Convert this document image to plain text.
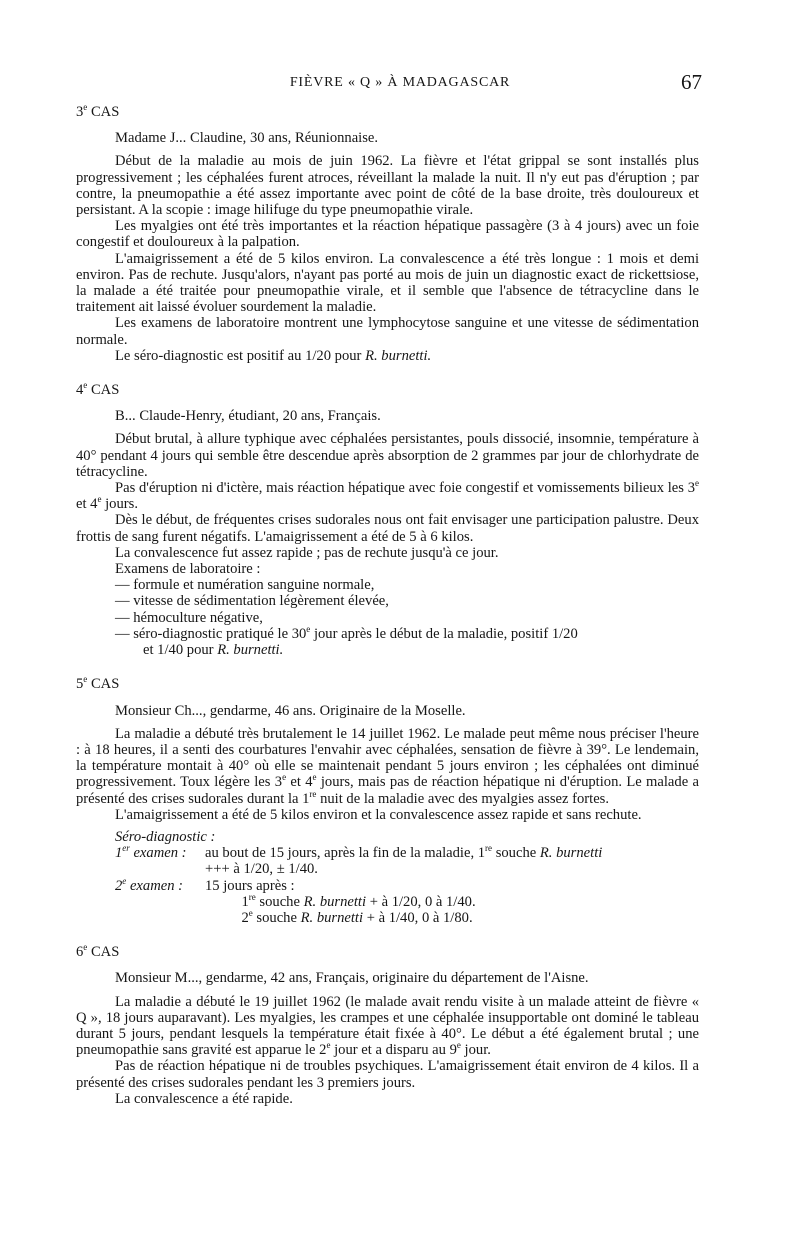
FIÈVRE « Q » À MADAGASCAR	67
3e CAS

Madame J... Claudine, 30 ans, Réunionnaise.

Début de la maladie au mois de juin 1962. La fièvre et l'état grippal se sont installés plus progressivement ; les céphalées furent atroces, réveillant la malade la nuit. Il n'y eut pas d'éruption ; par contre, la pneumopathie a été assez importante avec point de côté de la base droite, très douloureux et persistant. A la scopie : image hilifuge du type pneumopathie virale.

Les myalgies ont été très importantes et la réaction hépatique passagère (3 à 4 jours) avec un foie congestif et douloureux à la palpation.

L'amaigrissement a été de 5 kilos environ. La convalescence a été très longue : 1 mois et demi environ. Pas de rechute. Jusqu'alors, n'ayant pas porté au mois de juin un diagnostic exact de rickettsiose, la malade a été traitée pour pneumopathie virale, et il semble que l'absence de tétracycline dans le traitement ait laissé évoluer sourdement la maladie.

Les examens de laboratoire montrent une lymphocytose sanguine et une vitesse de sédimentation normale.

Le séro-diagnostic est positif au 1/20 pour R. burnetti.

4e CAS

B... Claude-Henry, étudiant, 20 ans, Français.

Début brutal, à allure typhique avec céphalées persistantes, pouls dissocié, insomnie, température à 40° pendant 4 jours qui semble être descendue après absorption de 2 grammes par jour de chlorhydrate de tétracycline.

Pas d'éruption ni d'ictère, mais réaction hépatique avec foie congestif et vomissements bilieux les 3e et 4e jours.

Dès le début, de fréquentes crises sudorales nous ont fait envisager une participation palustre. Deux frottis de sang furent négatifs. L'amaigrissement a été de 5 à 6 kilos.

La convalescence fut assez rapide ; pas de rechute jusqu'à ce jour.

Examens de laboratoire :

— formule et numération sanguine normale,
— vitesse de sédimentation légèrement élevée,
— hémoculture négative,
— séro-diagnostic pratiqué le 30e jour après le début de la maladie, positif 1/20
et 1/40 pour R. burnetti.
5e CAS

Monsieur Ch..., gendarme, 46 ans. Originaire de la Moselle.

La maladie a débuté très brutalement le 14 juillet 1962. Le malade peut même nous préciser l'heure : à 18 heures, il a senti des courbatures l'envahir avec céphalées, sensation de fièvre à 39°. Le lendemain, la température montait à 40° où elle se maintenait pendant 5 jours environ ; les céphalées ont diminué progressivement. Toux légère les 3e et 4e jours, mais pas de réaction hépatique ni d'éruption. Le malade a présenté des crises sudorales durant la 1re nuit de la maladie avec des myalgies assez fortes.

L'amaigrissement a été de 5 kilos environ et la convalescence assez rapide et sans rechute.

Séro-diagnostic :

1er examen :	au bout de 15 jours, après la fin de la maladie, 1re souche R. burnetti
+++ à 1/20, ± 1/40.
2e examen :	15 jours après :
1re souche R. burnetti + à 1/20, 0 à 1/40.
2e souche R. burnetti + à 1/40, 0 à 1/80.
6e CAS

Monsieur M..., gendarme, 42 ans, Français, originaire du département de l'Aisne.

La maladie a débuté le 19 juillet 1962 (le malade avait rendu visite à un malade atteint de fièvre « Q », 18 jours auparavant). Les myalgies, les crampes et une céphalée insupportable ont dominé le tableau durant 5 jours, pendant lesquels la température était fixée à 40°. Le début a été également brutal ; une pneumopathie sans gravité est apparue le 2e jour et a disparu au 9e jour.

Pas de réaction hépatique ni de troubles psychiques. L'amaigrissement était environ de 4 kilos. Il a présenté des crises sudorales pendant les 3 premiers jours.

La convalescence a été rapide.
